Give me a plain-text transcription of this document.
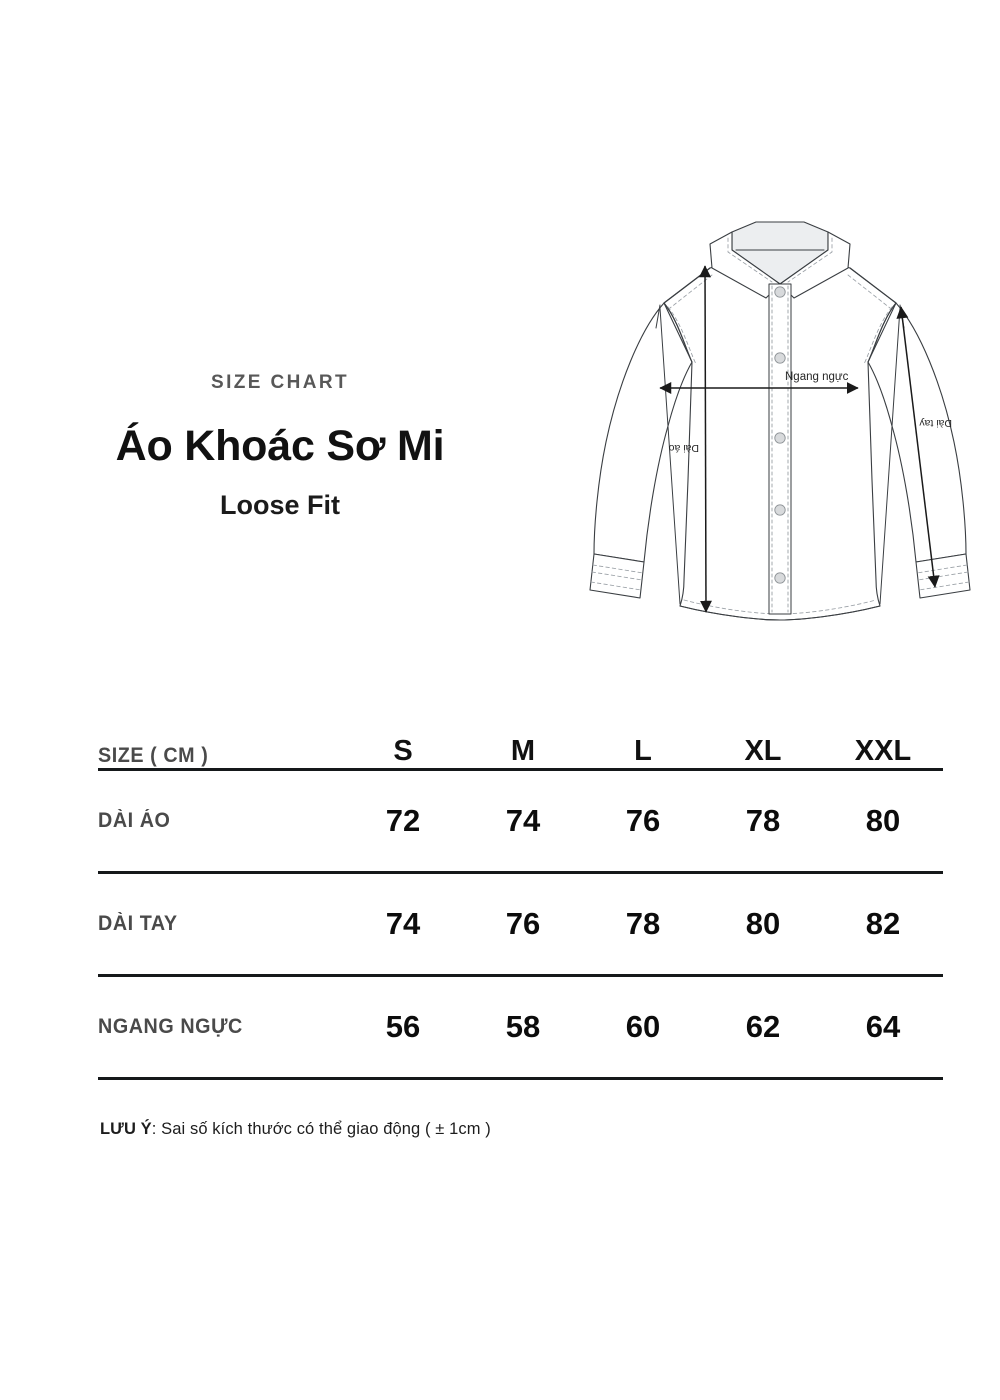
SIZE CHART
Áo Khoác Sơ Mi
Loose Fit
Ngang ngực
Dài áo
Dài tay
SIZE ( CM )	S	M	L	XL	XXL

DÀI ÁO	72	74	76	78	80

DÀI TAY	74	76	78	80	82

NGANG NGỰC	56	58	60	62	64

LƯU Ý: Sai số kích thước có thể giao động ( ± 1cm )
